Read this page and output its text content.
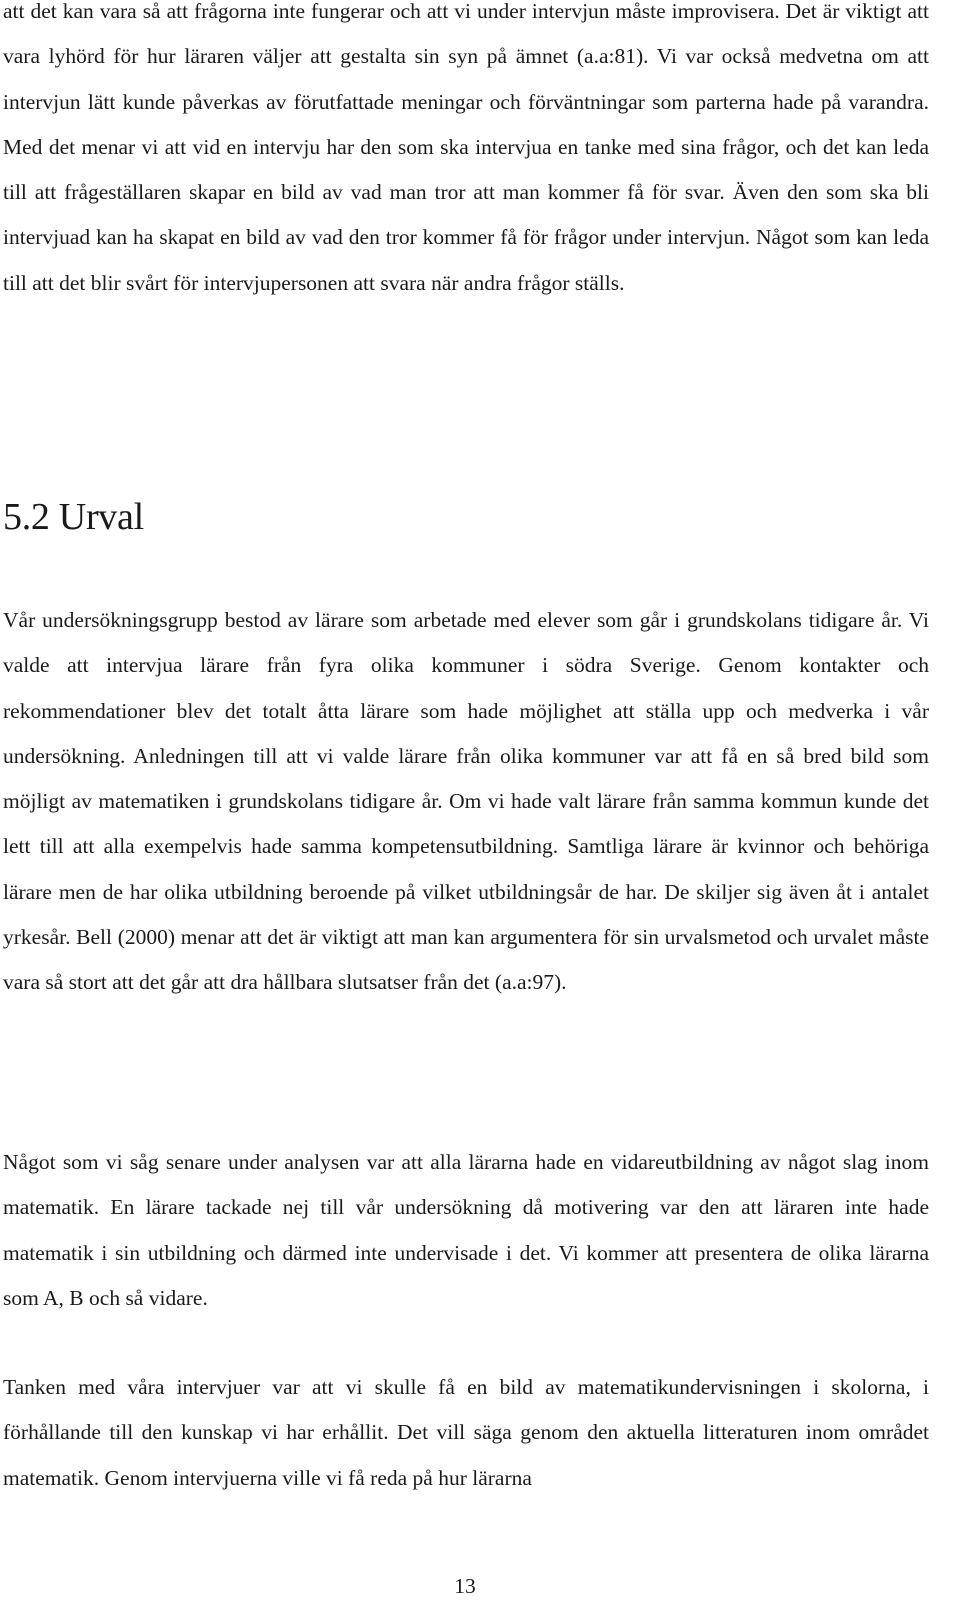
att det kan vara så att frågorna inte fungerar och att vi under intervjun måste improvisera. Det är viktigt att vara lyhörd för hur läraren väljer att gestalta sin syn på ämnet (a.a:81). Vi var också medvetna om att intervjun lätt kunde påverkas av förutfattade meningar och förväntningar som parterna hade på varandra. Med det menar vi att vid en intervju har den som ska intervjua en tanke med sina frågor, och det kan leda till att frågeställaren skapar en bild av vad man tror att man kommer få för svar. Även den som ska bli intervjuad kan ha skapat en bild av vad den tror kommer få för frågor under intervjun. Något som kan leda till att det blir svårt för intervjupersonen att svara när andra frågor ställs.

5.2 Urval

Vår undersökningsgrupp bestod av lärare som arbetade med elever som går i grundskolans tidigare år. Vi valde att intervjua lärare från fyra olika kommuner i södra Sverige. Genom kontakter och rekommendationer blev det totalt åtta lärare som hade möjlighet att ställa upp och medverka i vår undersökning. Anledningen till att vi valde lärare från olika kommuner var att få en så bred bild som möjligt av matematiken i grundskolans tidigare år. Om vi hade valt lärare från samma kommun kunde det lett till att alla exempelvis hade samma kompetensutbildning. Samtliga lärare är kvinnor och behöriga lärare men de har olika utbildning beroende på vilket utbildningsår de har. De skiljer sig även åt i antalet yrkesår. Bell (2000) menar att det är viktigt att man kan argumentera för sin urvalsmetod och urvalet måste vara så stort att det går att dra hållbara slutsatser från det (a.a:97).

Något som vi såg senare under analysen var att alla lärarna hade en vidareutbildning av något slag inom matematik. En lärare tackade nej till vår undersökning då motivering var den att läraren inte hade matematik i sin utbildning och därmed inte undervisade i det. Vi kommer att presentera de olika lärarna som A, B och så vidare.

Tanken med våra intervjuer var att vi skulle få en bild av matematikundervisningen i skolorna, i förhållande till den kunskap vi har erhållit. Det vill säga genom den aktuella litteraturen inom området matematik. Genom intervjuerna ville vi få reda på hur lärarna

13
